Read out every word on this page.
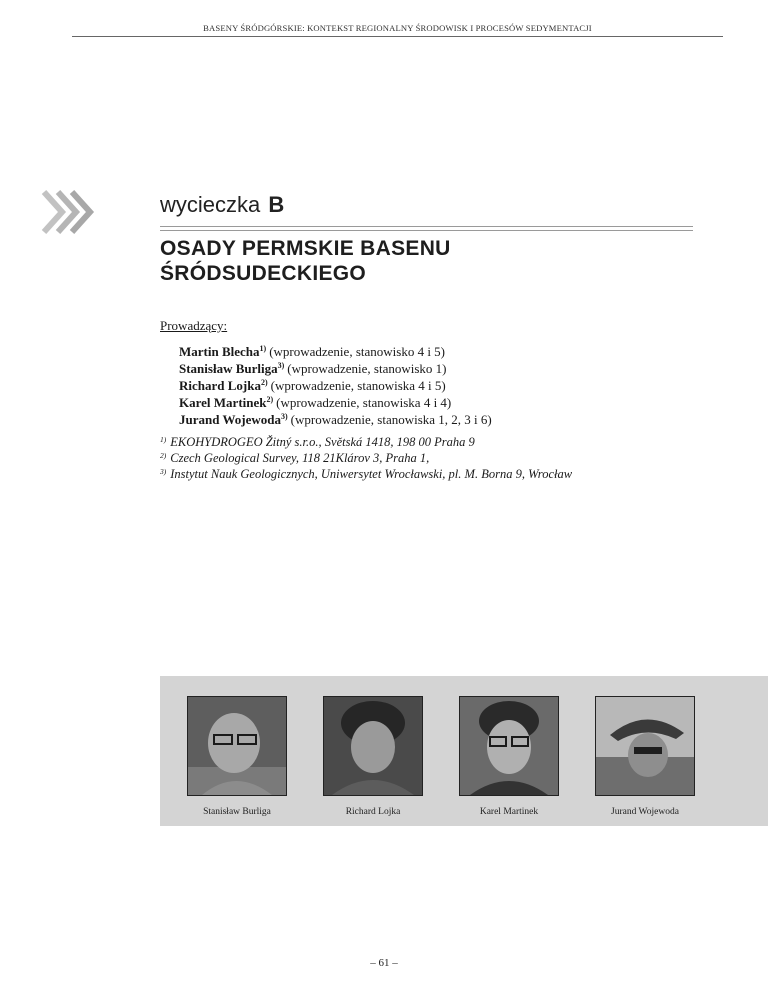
BASENY ŚRÓDGÓRSKIE: KONTEKST REGIONALNY ŚRODOWISK I PROCESÓW SEDYMENTACJI
wycieczka B
OSADY PERMSKIE BASENU
ŚRÓDSUDECKIEGO
Prowadzący:
Martin Blecha$^{1)}$ (wprowadzenie, stanowisko 4 i 5)
Stanisław Burliga$^{3)}$ (wprowadzenie, stanowisko 1)
Richard Lojka$^{2)}$ (wprowadzenie, stanowiska 4 i 5)
Karel Martinek$^{2)}$ (wprowadzenie, stanowiska 4 i 4)
Jurand Wojewoda$^{3)}$ (wprowadzenie, stanowiska 1, 2, 3 i 6)
$^{1)}$ EKOHYDROGEO Žitný s.r.o., Světská 1418, 198 00 Praha 9
$^{2)}$ Czech Geological Survey, 118 21Klárov 3, Praha 1,
$^{3)}$ Instytut Nauk Geologicznych, Uniwersytet Wrocławski, pl. M. Borna 9, Wrocław
Stanisław Burliga	Richard Lojka	Karel Martinek	Jurand Wojewoda
– 61 –
